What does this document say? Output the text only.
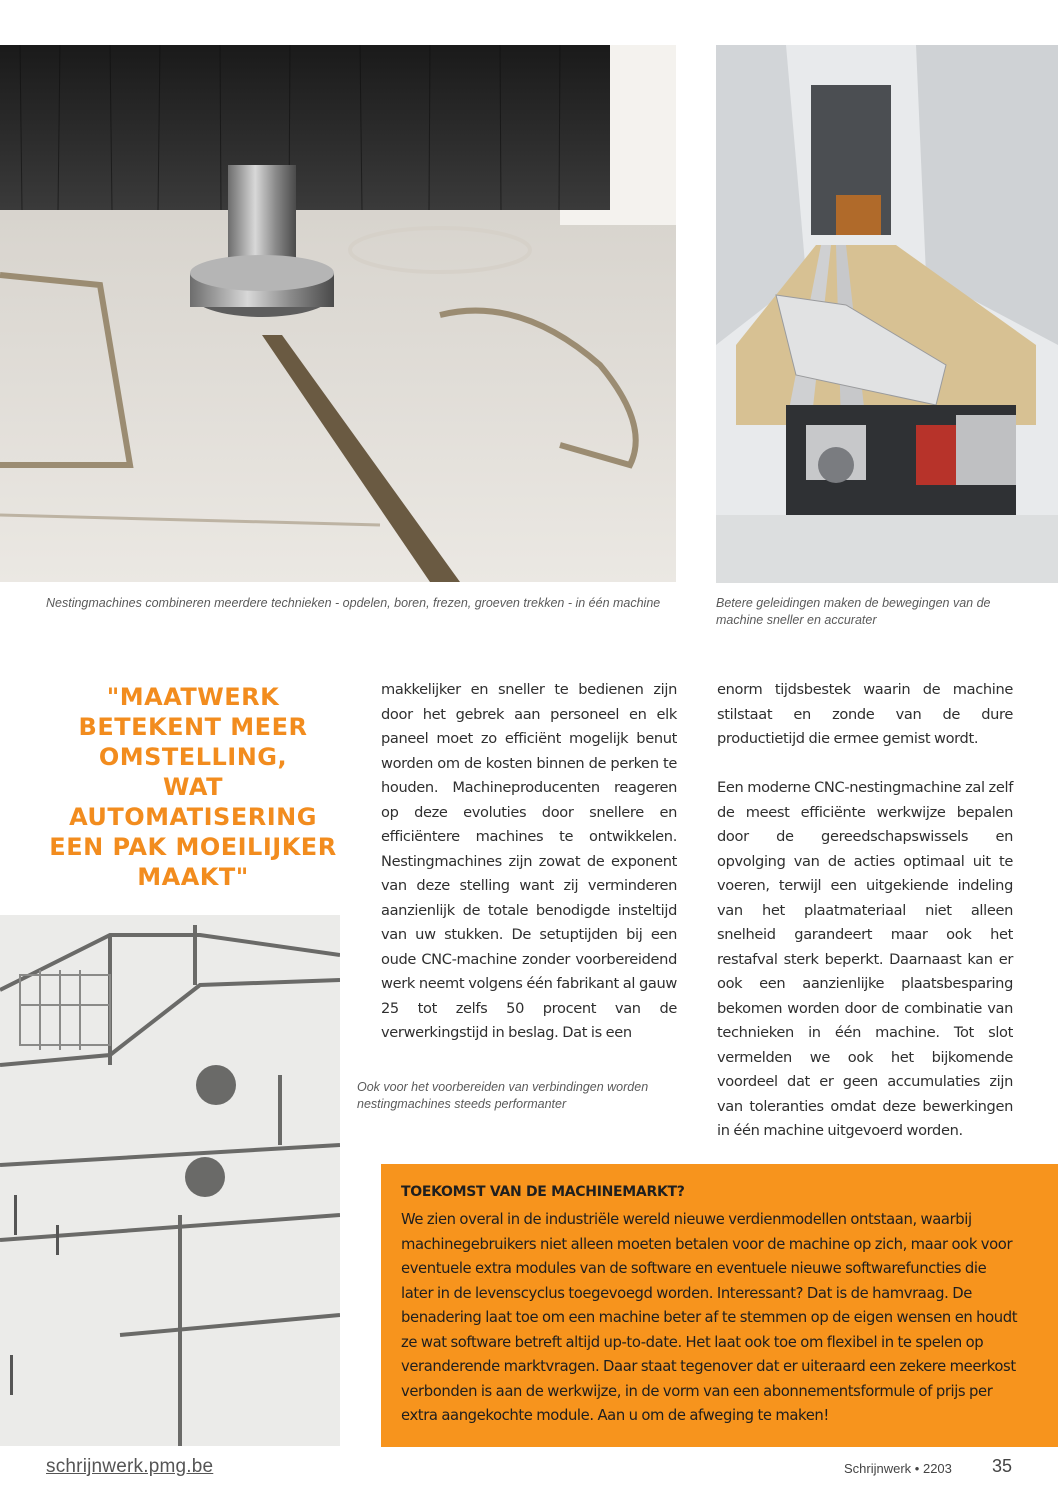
Nestingmachines combineren meerdere technieken - opdelen, boren, frezen, groeven trekken - in één machine	Betere geleidingen maken de bewegingen van de machine sneller en accurater
"MAATWERK
BETEKENT MEER
OMSTELLING,
WAT
AUTOMATISERING
EEN PAK MOEILIJKER
MAAKT"

makkelijker en sneller te bedienen zijn door het gebrek aan personeel en elk paneel moet zo efficiënt mogelijk benut worden om de kosten binnen de perken te houden. Machineproducenten reageren op deze evoluties door snellere en efficiëntere machines te ontwikkelen. Nestingmachines zijn zowat de exponent van deze stelling want zij verminderen aanzienlijk de totale benodigde insteltijd van uw stukken. De setuptijden bij een oude CNC-machine zonder voorbereidend werk neemt volgens één fabrikant al gauw 25 tot zelfs 50 procent van de verwerkingstijd in beslag. Dat is een

enorm tijdsbestek waarin de machine stilstaat en zonde van de dure productietijd die ermee gemist wordt.

Een moderne CNC-nestingmachine zal zelf de meest efficiënte werkwijze bepalen door de gereedschapswissels en opvolging van de acties optimaal uit te voeren, terwijl een uitgekiende indeling van het plaatmateriaal niet alleen snelheid garandeert maar ook het restafval sterk beperkt. Daarnaast kan er ook een aanzienlijke plaatsbesparing bekomen worden door de combinatie van technieken in één machine. Tot slot vermelden we ook het bijkomende voordeel dat er geen accumulaties zijn van toleranties omdat deze bewerkingen in één machine uitgevoerd worden.

Ook voor het voorbereiden van verbindingen worden nestingmachines steeds performanter
TOEKOMST VAN DE MACHINEMARKT?

We zien overal in de industriële wereld nieuwe verdienmodellen ontstaan, waarbij machinegebruikers niet alleen moeten betalen voor de machine op zich, maar ook voor eventuele extra modules van de software en eventuele nieuwe softwarefuncties die later in de levenscyclus toegevoegd worden. Interessant? Dat is de hamvraag. De benadering laat toe om een machine beter af te stemmen op de eigen wensen en houdt ze wat software betreft altijd up-to-date. Het laat ook toe om flexibel in te spelen op veranderende marktvragen. Daar staat tegenover dat er uiteraard een zekere meerkost verbonden is aan de werkwijze, in de vorm van een abonnementsformule of prijs per extra aangekochte module. Aan u om de afweging te maken!

schrijnwerk.pmg.be	Schrijnwerk • 2203 35
